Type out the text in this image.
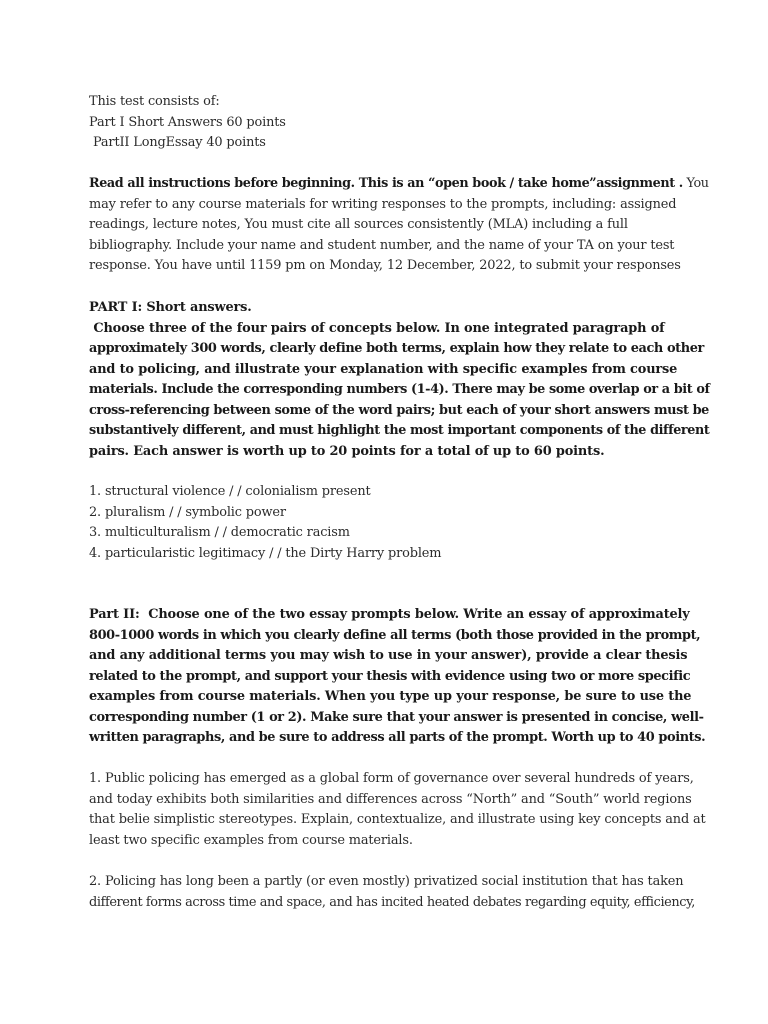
This test consists of:
Part I Short Answers 60 points
PartII LongEssay 40 points
Read all instructions before beginning. This is an “open book / take home”assignment . You
may refer to any course materials for writing responses to the prompts, including: assigned
readings, lecture notes, You must cite all sources consistently (MLA) including a full
bibliography. Include your name and student number, and the name of your TA on your test
response. You have until 1159 pm on Monday, 12 December, 2022, to submit your responses
PART I: Short answers.
Choose three of the four pairs of concepts below. In one integrated paragraph of
approximately 300 words, clearly define both terms, explain how they relate to each other
and to policing, and illustrate your explanation with specific examples from course
materials. Include the corresponding numbers (1-4). There may be some overlap or a bit of
cross-referencing between some of the word pairs; but each of your short answers must be
substantively different, and must highlight the most important components of the different
pairs. Each answer is worth up to 20 points for a total of up to 60 points.
1. structural violence / / colonialism present
2. pluralism / / symbolic power
3. multiculturalism / / democratic racism
4. particularistic legitimacy / / the Dirty Harry problem
Part II:  Choose one of the two essay prompts below. Write an essay of approximately
800-1000 words in which you clearly define all terms (both those provided in the prompt,
and any additional terms you may wish to use in your answer), provide a clear thesis
related to the prompt, and support your thesis with evidence using two or more specific
examples from course materials. When you type up your response, be sure to use the
corresponding number (1 or 2). Make sure that your answer is presented in concise, well-
written paragraphs, and be sure to address all parts of the prompt. Worth up to 40 points.
1. Public policing has emerged as a global form of governance over several hundreds of years,
and today exhibits both similarities and differences across “North” and “South” world regions
that belie simplistic stereotypes. Explain, contextualize, and illustrate using key concepts and at
least two specific examples from course materials.
2. Policing has long been a partly (or even mostly) privatized social institution that has taken
different forms across time and space, and has incited heated debates regarding equity, efficiency,
